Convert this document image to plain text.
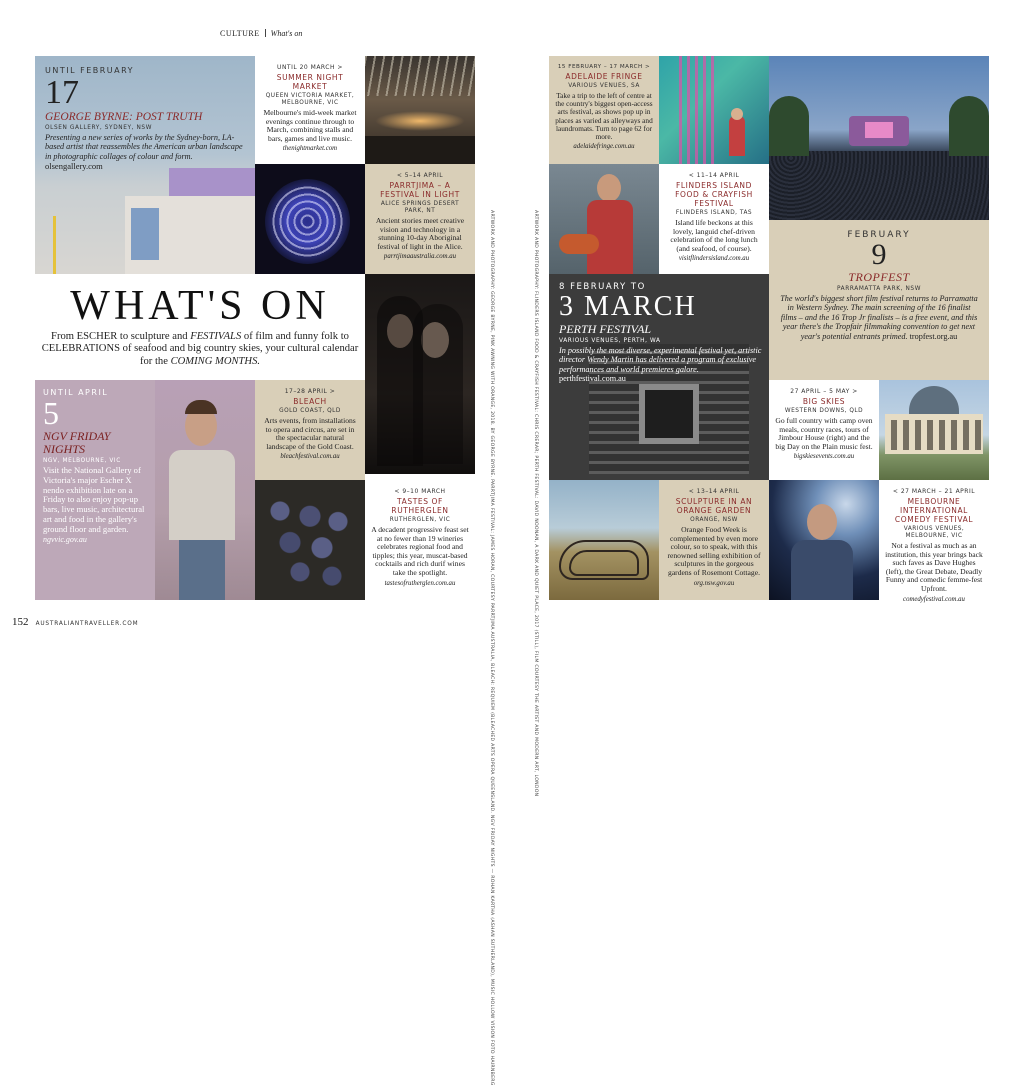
CULTURE What's on
UNTIL FEBRUARY
17
GEORGE BYRNE: POST TRUTH
OLSEN GALLERY, SYDNEY, NSW
Presenting a new series of works by the Sydney-born, LA-based artist that reassembles the American urban landscape in photographic collages of colour and form.
olsengallery.com
UNTIL 20 MARCH >
SUMMER NIGHT MARKET
QUEEN VICTORIA MARKET, MELBOURNE, VIC
Melbourne's mid-week market evenings continue through to March, combining stalls and bars, games and live music.
thenightmarket.com
< 5–14 APRIL
PARRTJIMA – A FESTIVAL IN LIGHT
ALICE SPRINGS DESERT PARK, NT
Ancient stories meet creative vision and technology in a stunning 10-day Aboriginal festival of light in the Alice.
parrtjimaaustralia.com.au
WHAT'S ON
From ESCHER to sculpture and FESTIVALS of film and funny folk to CELEBRATIONS of seafood and big country skies, your cultural calendar for the COMING MONTHS.
UNTIL APRIL
5
NGV FRIDAY NIGHTS
NGV, MELBOURNE, VIC
Visit the National Gallery of Victoria's major Escher X nendo exhibition late on a Friday to also enjoy pop-up bars, live music, architectural art and food in the gallery's ground floor and garden.
ngvvic.gov.au
17–28 APRIL >
BLEACH
GOLD COAST, QLD
Arts events, from installations to opera and circus, are set in the spectacular natural landscape of the Gold Coast.
bleachfestival.com.au
< 9–10 MARCH
TASTES OF RUTHERGLEN
RUTHERGLEN, VIC
A decadent progressive feast set at no fewer than 19 wineries celebrates regional food and tipples; this year, muscat-based cocktails and rich durif wines take the spotlight.
tastesofrutherglen.com.au	ARTWORK AND PHOTOGRAPHY: GEORGE BYRNE, PINK AWNING WITH ORANGE, 2018. BY GEORGE BYRNE. PARRTJIMA FESTIVAL: JAMES HORAN, COURTESY PARRTJIMA AUSTRALIA, BLEACH: REQUIEM (BLEACHED ARTS OPERA QUEENSLAND. NGV FRIDAY NIGHTS — ROHAN KARTHA (ASHAN SUTHERLAND), MUSIC HOLLOW VISION FOTO HAIRNBERG	ARTWORK AND PHOTOGRAPHY: FLINDERS ISLAND FOOD & CRAYFISH FESTIVAL: CHRIS CRERAR; PERTH FESTIVAL: DAVID NOONAN, A DARK AND QUIET PLACE, 2017 (STILL), FILM COURTESY THE ARTIST AND MODERN ART, LONDON
152 AUSTRALIANTRAVELLER.COM
15 FEBRUARY – 17 MARCH >
ADELAIDE FRINGE
VARIOUS VENUES, SA
Take a trip to the left of centre at the country's biggest open-access arts festival, as shows pop up in places as varied as alleyways and laundromats. Turn to page 62 for more.
adelaidefringe.com.au
< 11–14 APRIL
FLINDERS ISLAND FOOD & CRAYFISH FESTIVAL
FLINDERS ISLAND, TAS
Island life beckons at this lovely, languid chef-driven celebration of the long lunch (and seafood, of course).
visitflindersisland.com.au
8 FEBRUARY TO
3 MARCH
PERTH FESTIVAL
VARIOUS VENUES, PERTH, WA
In possibly the most diverse, experimental festival yet, artistic director Wendy Martin has delivered a program of exclusive performances and world premieres galore. perthfestival.com.au
FEBRUARY
9
TROPFEST
PARRAMATTA PARK, NSW
The world's biggest short film festival returns to Parramatta in Western Sydney. The main screening of the 16 finalist films – and the 16 Trop Jr finalists – is a free event, and this year there's the Tropfair filmmaking convention to get next year's potential entrants primed. tropfest.org.au
27 APRIL – 5 MAY >
BIG SKIES
WESTERN DOWNS, QLD
Go full country with camp oven meals, country races, tours of Jimbour House (right) and the big Day on the Plain music fest.
bigskiesevents.com.au
< 13–14 APRIL
SCULPTURE IN AN ORANGE GARDEN
ORANGE, NSW
Orange Food Week is complemented by even more colour, so to speak, with this renowned selling exhibition of sculptures in the gorgeous gardens of Rosemont Cottage.
org.nsw.gov.au
< 27 MARCH – 21 APRIL
MELBOURNE INTERNATIONAL COMEDY FESTIVAL
VARIOUS VENUES, MELBOURNE, VIC
Not a festival as much as an institution, this year brings back such faves as Dave Hughes (left), the Great Debate, Deadly Funny and comedic femme-fest Upfront.
comedyfestival.com.au
